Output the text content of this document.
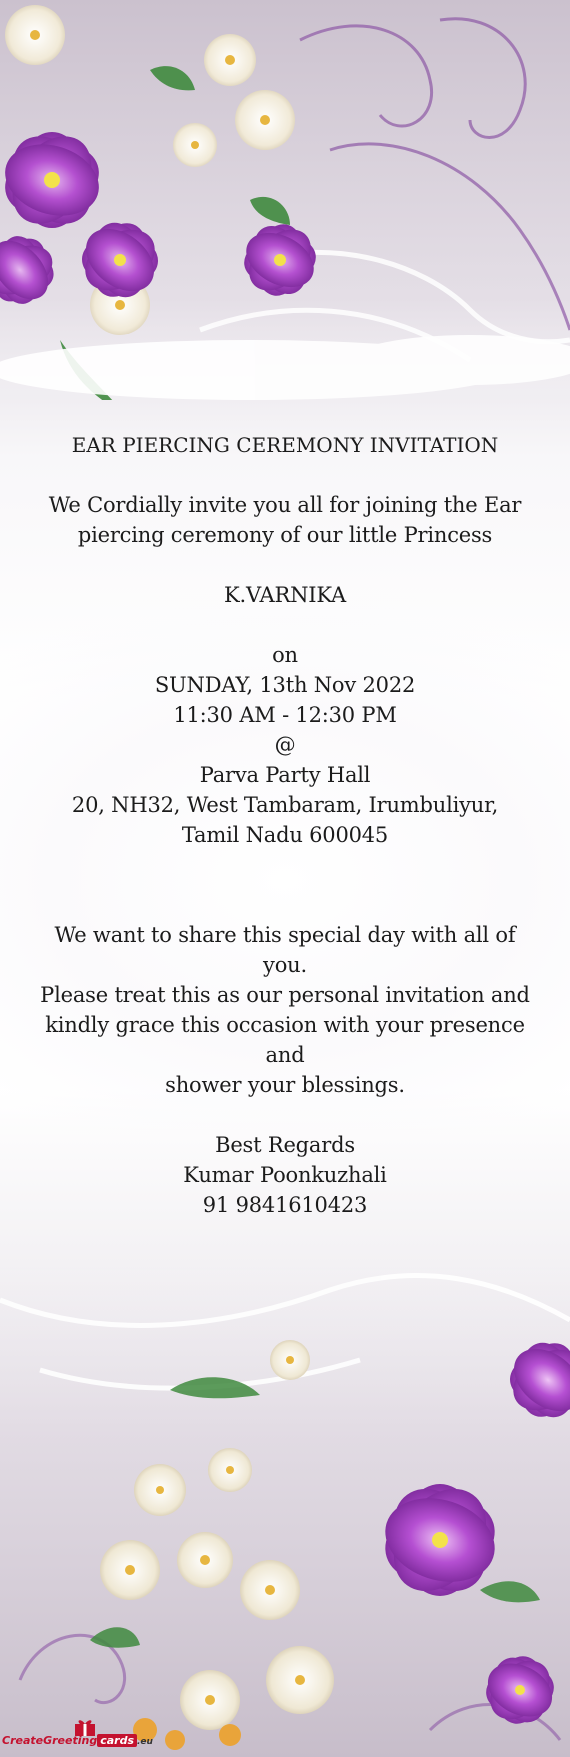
EAR PIERCING CEREMONY INVITATION
We Cordially invite you all for joining the Ear
piercing ceremony of our little Princess
K.VARNIKA
on
SUNDAY, 13th Nov 2022
11:30 AM - 12:30 PM
@
Parva Party Hall
20, NH32, West Tambaram, Irumbuliyur,
Tamil Nadu 600045
We want to share this special day with all of you.
Please treat this as our personal invitation and
kindly grace this occasion with your presence and
shower your blessings.
Best Regards
Kumar Poonkuzhali
91 9841610423
CreateGreeting cards .eu
